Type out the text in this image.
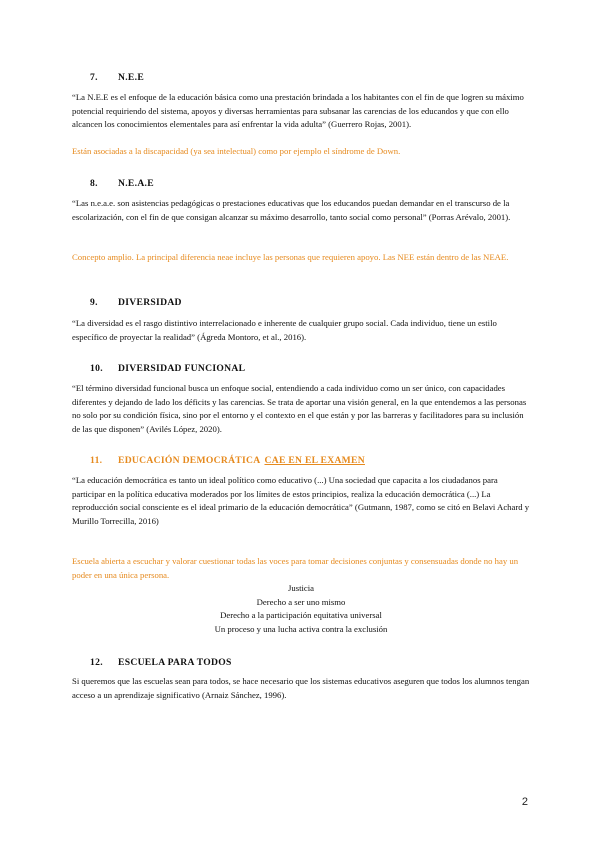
7.	N.E.E

“La N.E.E es el enfoque de la educación básica como una prestación brindada a los habitantes con el fin de que logren su máximo potencial requiriendo del sistema, apoyos y diversas herramientas para subsanar las carencias de los educandos y que con ello alcancen los conocimientos elementales para así enfrentar la vida adulta” (Guerrero Rojas, 2001).

Están asociadas a la discapacidad (ya sea intelectual) como por ejemplo el síndrome de Down.

8.	N.E.A.E

“Las n.e.a.e. son asistencias pedagógicas o prestaciones educativas que los educandos puedan demandar en el transcurso de la escolarización, con el fin de que consigan alcanzar su máximo desarrollo, tanto social como personal” (Porras Arévalo, 2001).

Concepto amplio. La principal diferencia neae incluye las personas que requieren apoyo. Las NEE están dentro de las NEAE.

9.	DIVERSIDAD

“La diversidad es el rasgo distintivo interrelacionado e inherente de cualquier grupo social. Cada individuo, tiene un estilo específico de proyectar la realidad” (Ágreda Montoro, et al., 2016).

10.	DIVERSIDAD FUNCIONAL

“El término diversidad funcional busca un enfoque social, entendiendo a cada individuo como un ser único, con capacidades diferentes y dejando de lado los déficits y las carencias. Se trata de aportar una visión general, en la que entendemos a las personas no solo por su condición física, sino por el entorno y el contexto en el que están y por las barreras y facilitadores para su inclusión de las que disponen” (Avilés López, 2020).

11.	EDUCACIÓN DEMOCRÁTICA CAE EN EL EXAMEN

“La educación democrática es tanto un ideal político como educativo (...) Una sociedad que capacita a los ciudadanos para participar en la política educativa moderados por los límites de estos principios, realiza la educación democrática (...) La reproducción social consciente es el ideal primario de la educación democrática” (Gutmann, 1987, como se citó en Belavi Achard y Murillo Torrecilla, 2016)

Escuela abierta a escuchar y valorar cuestionar todas las voces para tomar decisiones conjuntas y consensuadas donde no hay un poder en una única persona.

Justicia
Derecho a ser uno mismo
Derecho a la participación equitativa universal
Un proceso y una lucha activa contra la exclusión

12.	ESCUELA PARA TODOS

Si queremos que las escuelas sean para todos, se hace necesario que los sistemas educativos aseguren que todos los alumnos tengan acceso a un aprendizaje significativo (Arnaiz Sánchez, 1996).

2
